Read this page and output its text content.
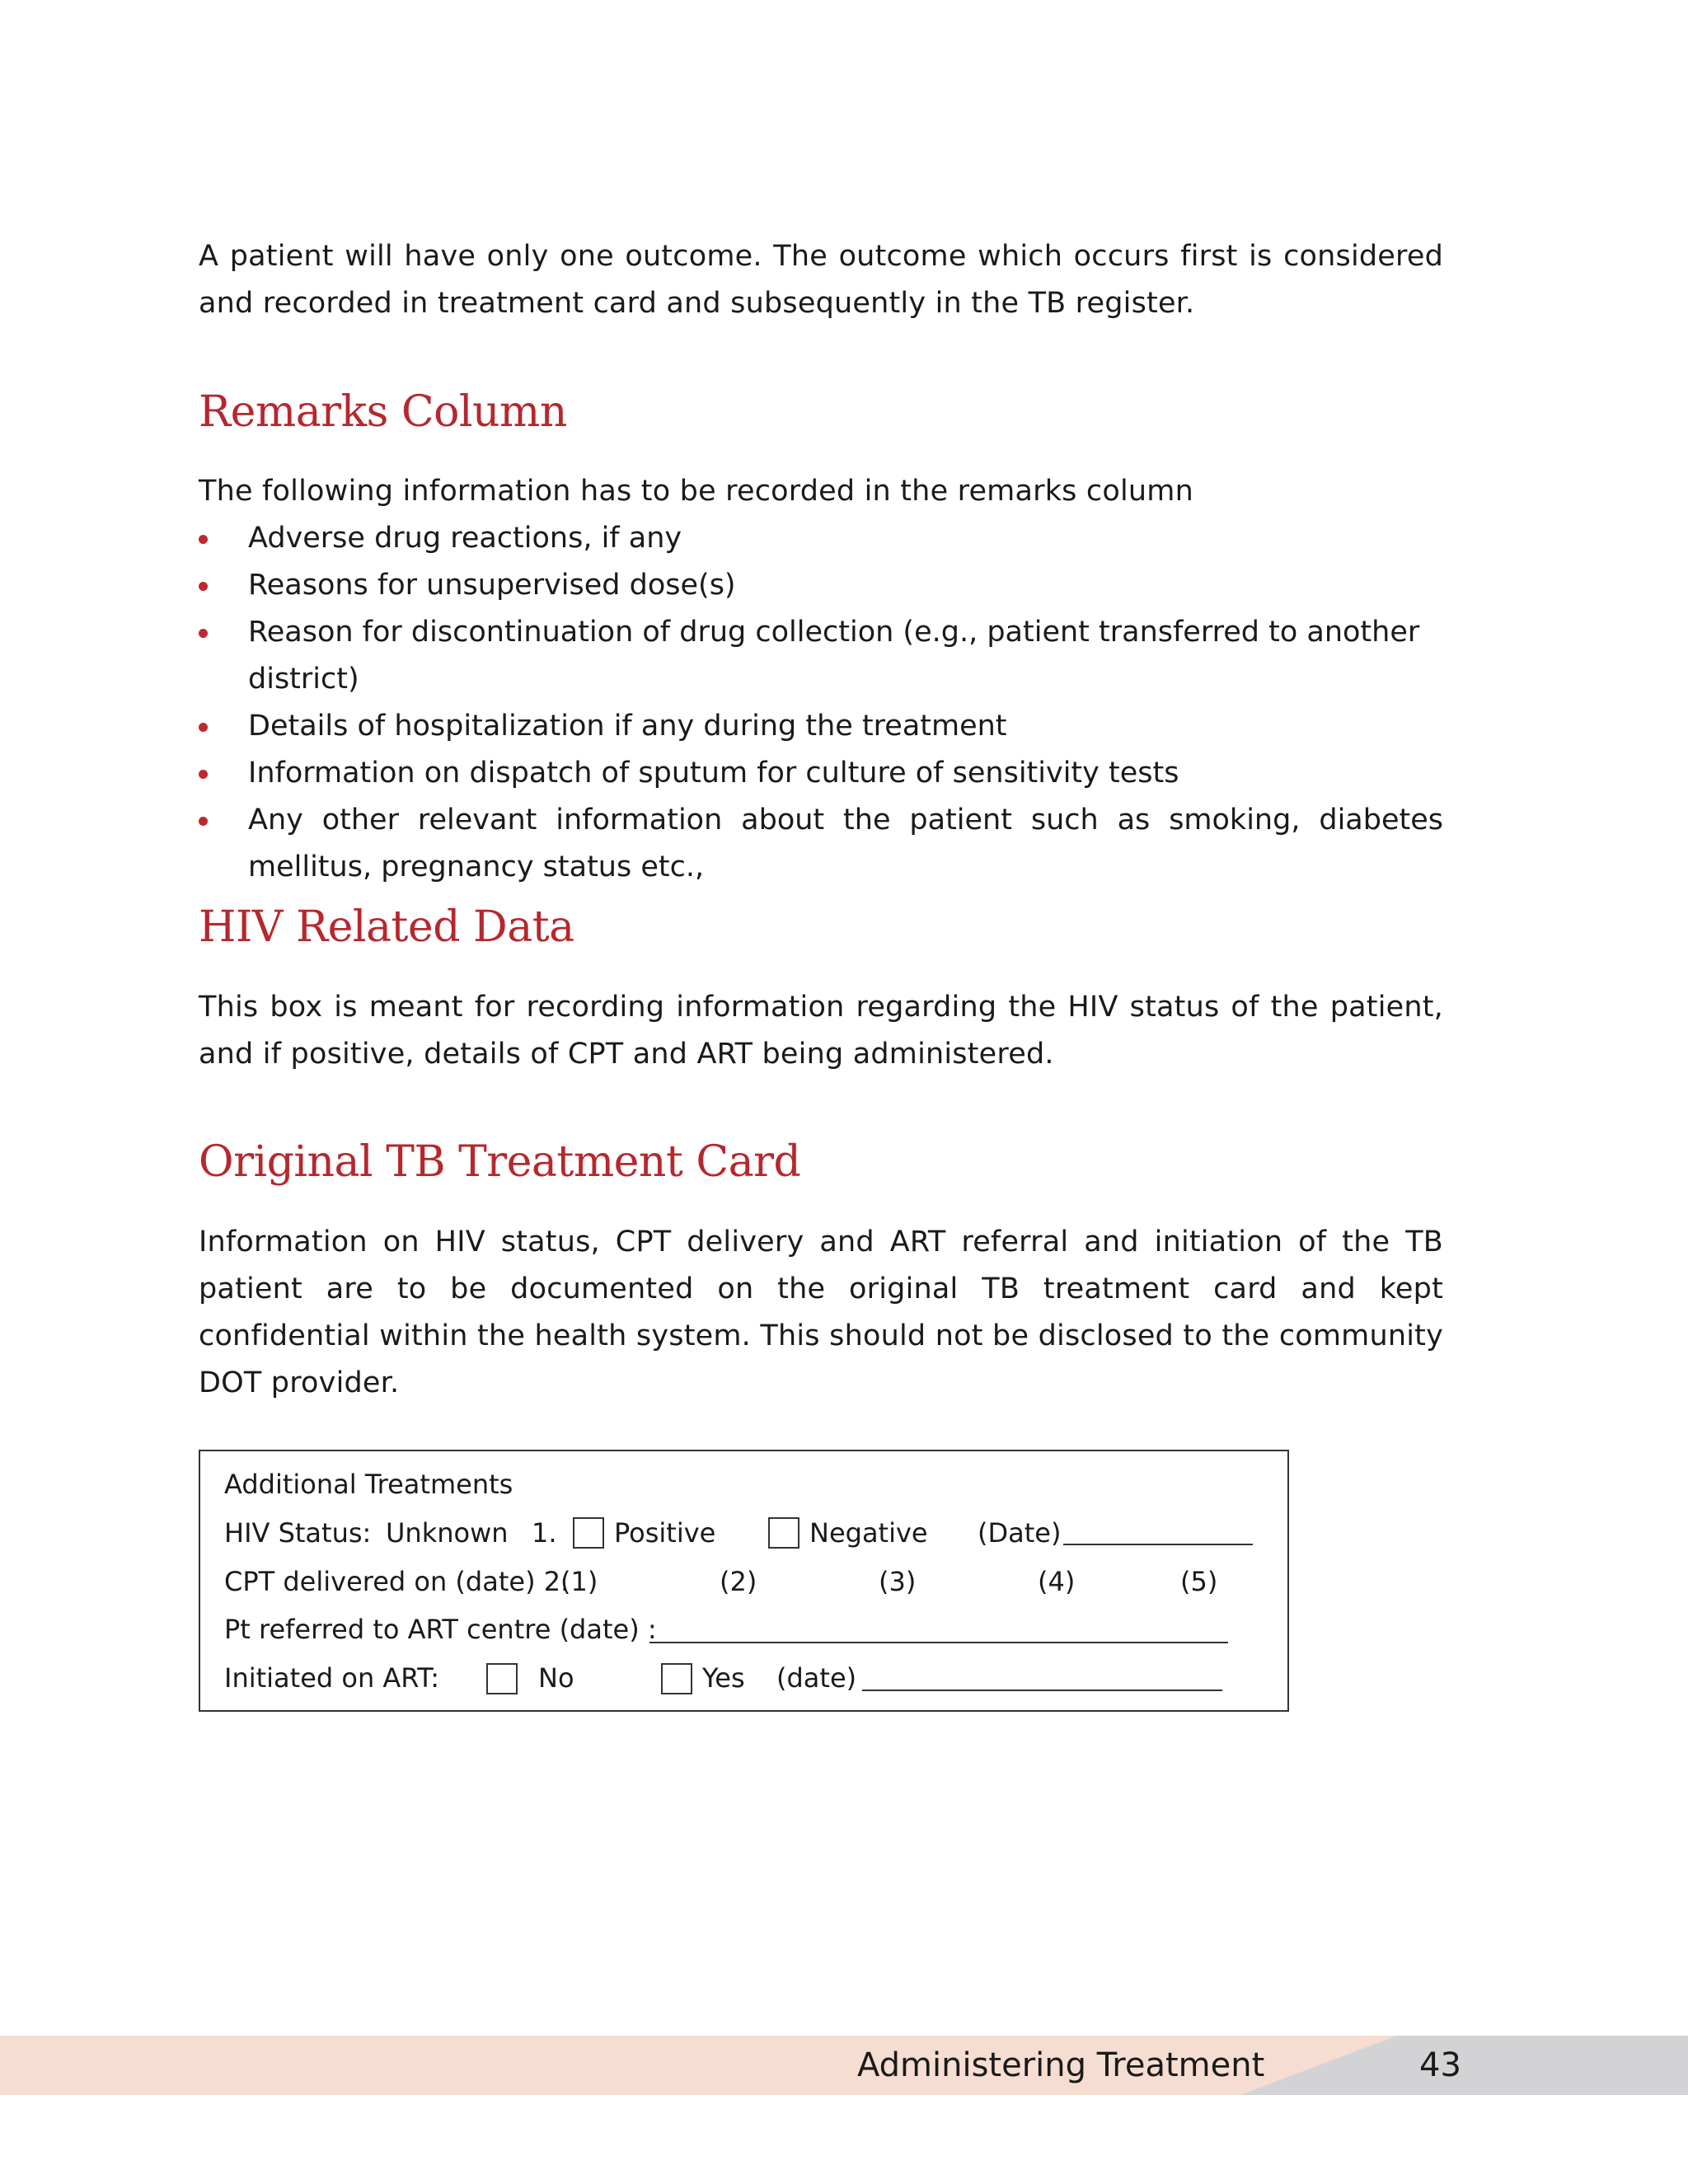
A patient will have only one outcome. The outcome which occurs first is considered and recorded in treatment card and subsequently in the TB register.
Remarks Column
The following information has to be recorded in the remarks column
Adverse drug reactions, if any
Reasons for unsupervised dose(s)
Reason for discontinuation of drug collection (e.g., patient transferred to another district)
Details of hospitalization if any during the treatment
Information on dispatch of sputum for culture of sensitivity tests
Any other relevant information about the patient such as smoking, diabetes mellitus, pregnancy status etc.,
HIV Related Data
This box is meant for recording information regarding the HIV status of the patient, and if positive, details of CPT and ART being administered.
Original TB Treatment Card
Information on HIV status, CPT delivery and ART referral and initiation of the TB patient are to be documented on the original TB treatment card and kept confidential within the health system. This should not be disclosed to the community DOT provider.
Additional Treatments
HIV Status: Unknown 1. Positive	Negative (Date)
CPT delivered on (date) 2.
(1)	(2)	(3)	(4)	(5)
Pt referred to ART centre (date) :
Initiated on ART:	No	Yes (date)
Administering Treatment	43
